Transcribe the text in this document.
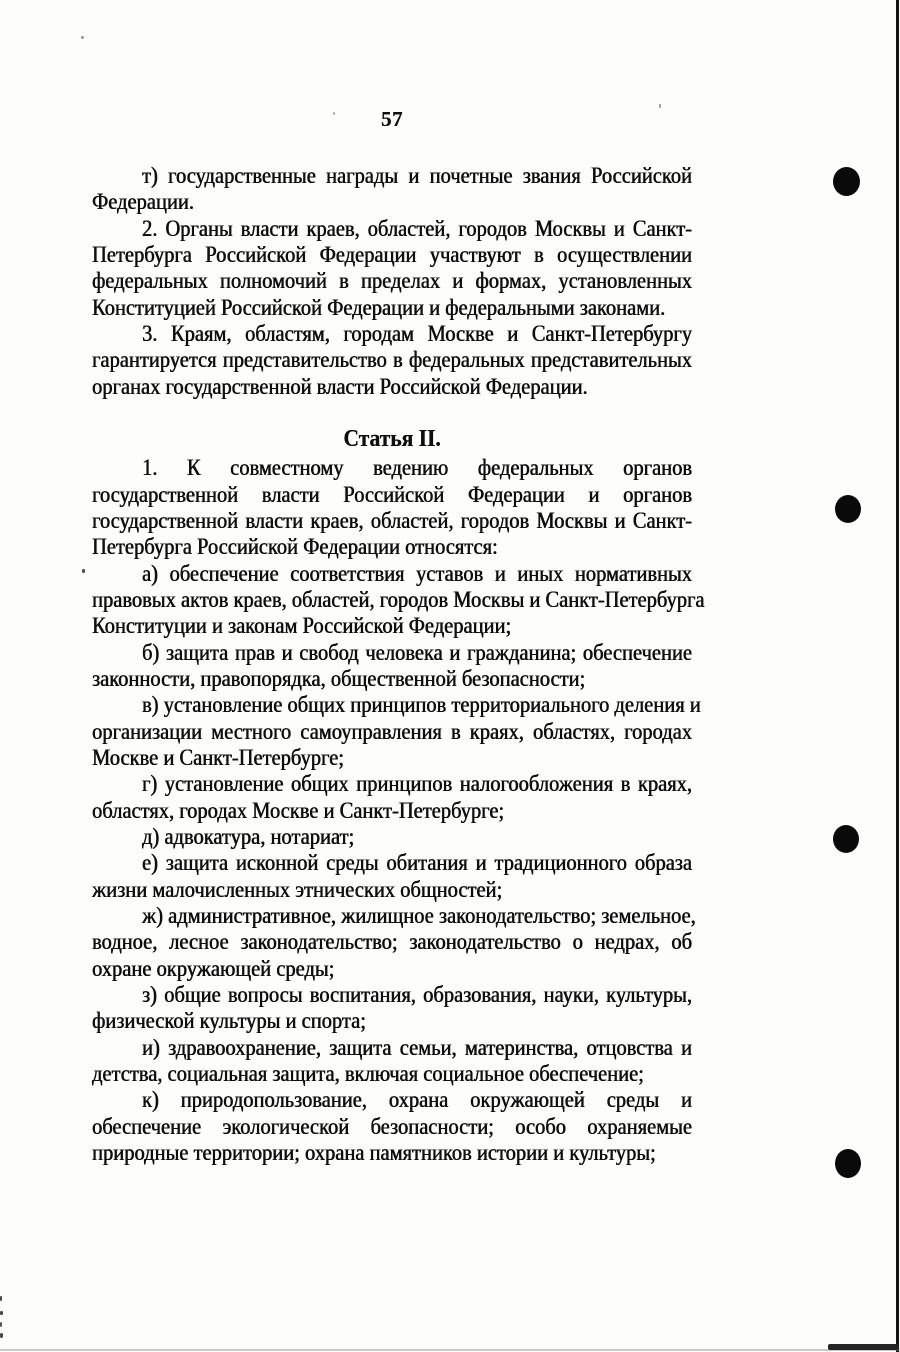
57
т) государственные награды и почетные звания Российской
Федерации.
2. Органы власти краев, областей, городов Москвы и Санкт-
Петербурга Российской Федерации участвуют в осуществлении
федеральных полномочий в пределах и формах, установленных
Конституцией Российской Федерации и федеральными законами.
3. Краям, областям, городам Москве и Санкт-Петербургу
гарантируется представительство в федеральных представительных
органах государственной власти Российской Федерации.
Статья II.
1. К совместному ведению федеральных органов
государственной власти Российской Федерации и органов
государственной власти краев, областей, городов Москвы и Санкт-
Петербурга Российской Федерации относятся:
а) обеспечение соответствия уставов и иных нормативных
правовых актов краев, областей, городов Москвы и Санкт-Петербурга
Конституции и законам Российской Федерации;
б) защита прав и свобод человека и гражданина; обеспечение
законности, правопорядка, общественной безопасности;
в) установление общих принципов территориального деления и
организации местного самоуправления в краях, областях, городах
Москве и Санкт-Петербурге;
г) установление общих принципов налогообложения в краях,
областях, городах Москве и Санкт-Петербурге;
д) адвокатура, нотариат;
е) защита исконной среды обитания и традиционного образа
жизни малочисленных этнических общностей;
ж) административное, жилищное законодательство; земельное,
водное, лесное законодательство; законодательство о недрах, об
охране окружающей среды;
з) общие вопросы воспитания, образования, науки, культуры,
физической культуры и спорта;
и) здравоохранение, защита семьи, материнства, отцовства и
детства, социальная защита, включая социальное обеспечение;
к) природопользование, охрана окружающей среды и
обеспечение экологической безопасности; особо охраняемые
природные территории; охрана памятников истории и культуры;
